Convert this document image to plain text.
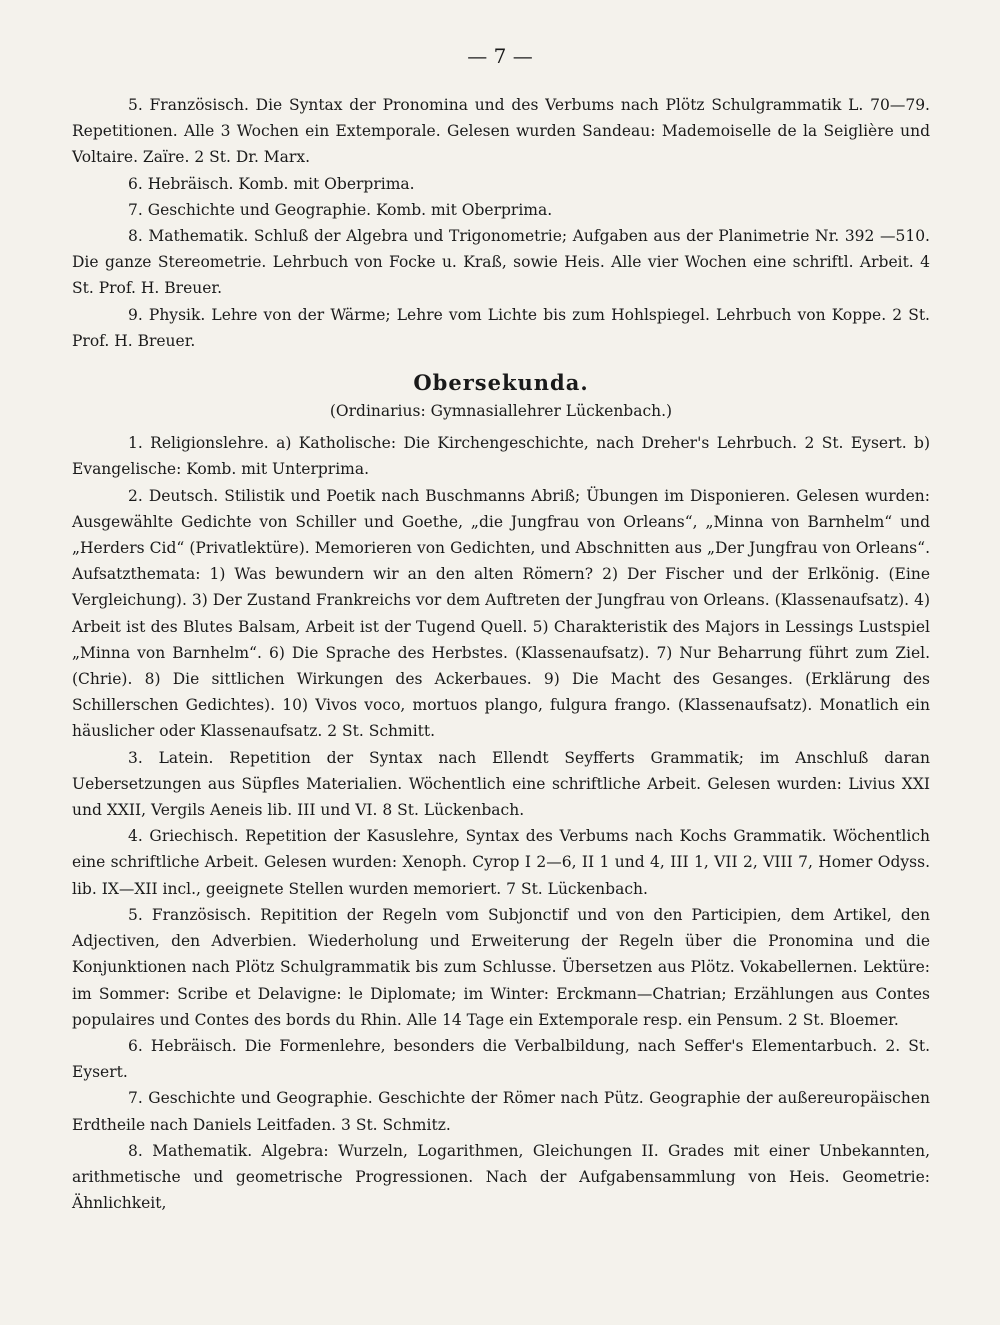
— 7 —

5. Französisch. Die Syntax der Pronomina und des Verbums nach Plötz Schulgrammatik L. 70—79. Repetitionen. Alle 3 Wochen ein Extemporale. Gelesen wurden Sandeau: Mademoiselle de la Seiglière und Voltaire. Zaïre. 2 St. Dr. Marx.

6. Hebräisch. Komb. mit Oberprima.

7. Geschichte und Geographie. Komb. mit Oberprima.

8. Mathematik. Schluß der Algebra und Trigonometrie; Aufgaben aus der Planimetrie Nr. 392 —510. Die ganze Stereometrie. Lehrbuch von Focke u. Kraß, sowie Heis. Alle vier Wochen eine schriftl. Arbeit. 4 St. Prof. H. Breuer.

9. Physik. Lehre von der Wärme; Lehre vom Lichte bis zum Hohlspiegel. Lehrbuch von Koppe. 2 St. Prof. H. Breuer.

Obersekunda.

(Ordinarius: Gymnasiallehrer Lückenbach.)

1. Religionslehre. a) Katholische: Die Kirchengeschichte, nach Dreher's Lehrbuch. 2 St. Eysert. b) Evangelische: Komb. mit Unterprima.

2. Deutsch. Stilistik und Poetik nach Buschmanns Abriß; Übungen im Disponieren. Gelesen wurden: Ausgewählte Gedichte von Schiller und Goethe, „die Jungfrau von Orleans“, „Minna von Barnhelm“ und „Herders Cid“ (Privatlektüre). Memorieren von Gedichten, und Abschnitten aus „Der Jungfrau von Orleans“. Aufsatzthemata: 1) Was bewundern wir an den alten Römern? 2) Der Fischer und der Erlkönig. (Eine Vergleichung). 3) Der Zustand Frankreichs vor dem Auftreten der Jungfrau von Orleans. (Klassenaufsatz). 4) Arbeit ist des Blutes Balsam, Arbeit ist der Tugend Quell. 5) Charakteristik des Majors in Lessings Lustspiel „Minna von Barnhelm“. 6) Die Sprache des Herbstes. (Klassenaufsatz). 7) Nur Beharrung führt zum Ziel. (Chrie). 8) Die sittlichen Wirkungen des Ackerbaues. 9) Die Macht des Gesanges. (Erklärung des Schillerschen Gedichtes). 10) Vivos voco, mortuos plango, fulgura frango. (Klassenaufsatz). Monatlich ein häuslicher oder Klassenaufsatz. 2 St. Schmitt.

3. Latein. Repetition der Syntax nach Ellendt Seyfferts Grammatik; im Anschluß daran Uebersetzungen aus Süpfles Materialien. Wöchentlich eine schriftliche Arbeit. Gelesen wurden: Livius XXI und XXII, Vergils Aeneis lib. III und VI. 8 St. Lückenbach.

4. Griechisch. Repetition der Kasuslehre, Syntax des Verbums nach Kochs Grammatik. Wöchentlich eine schriftliche Arbeit. Gelesen wurden: Xenoph. Cyrop I 2—6, II 1 und 4, III 1, VII 2, VIII 7, Homer Odyss. lib. IX—XII incl., geeignete Stellen wurden memoriert. 7 St. Lückenbach.

5. Französisch. Repitition der Regeln vom Subjonctif und von den Participien, dem Artikel, den Adjectiven, den Adverbien. Wiederholung und Erweiterung der Regeln über die Pronomina und die Konjunktionen nach Plötz Schulgrammatik bis zum Schlusse. Übersetzen aus Plötz. Vokabellernen. Lektüre: im Sommer: Scribe et Delavigne: le Diplomate; im Winter: Erckmann—Chatrian; Erzählungen aus Contes populaires und Contes des bords du Rhin. Alle 14 Tage ein Extemporale resp. ein Pensum. 2 St. Bloemer.

6. Hebräisch. Die Formenlehre, besonders die Verbalbildung, nach Seffer's Elementarbuch. 2. St. Eysert.

7. Geschichte und Geographie. Geschichte der Römer nach Pütz. Geographie der außereuropäischen Erdtheile nach Daniels Leitfaden. 3 St. Schmitz.

8. Mathematik. Algebra: Wurzeln, Logarithmen, Gleichungen II. Grades mit einer Unbekannten, arithmetische und geometrische Progressionen. Nach der Aufgabensammlung von Heis. Geometrie: Ähnlichkeit,
